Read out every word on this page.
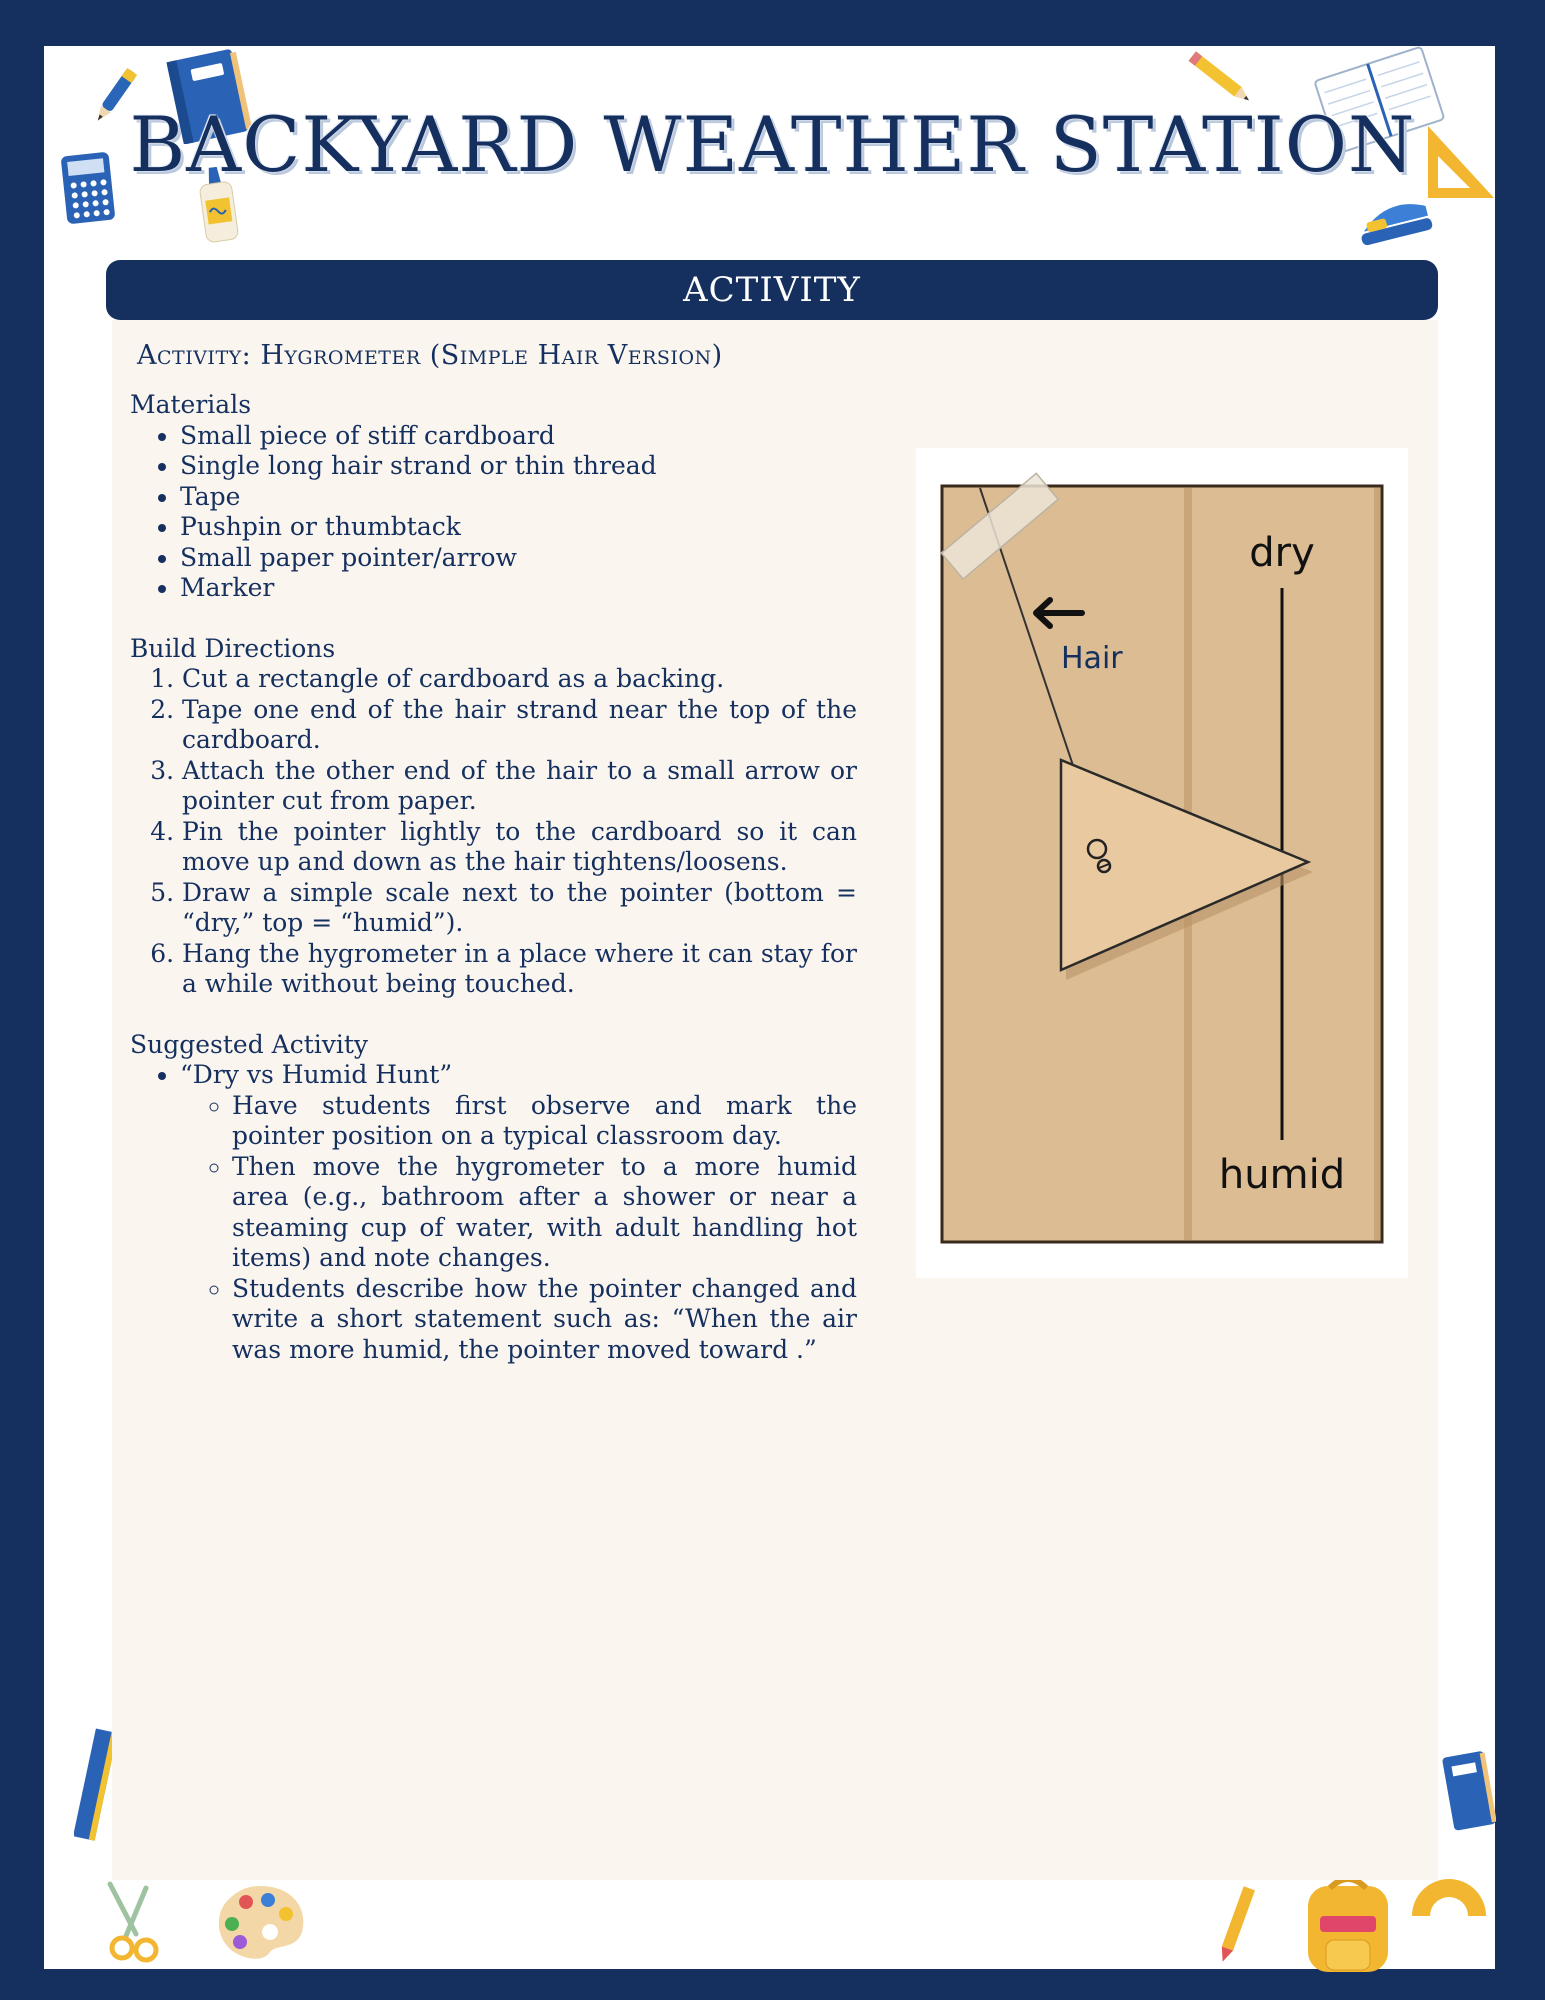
BACKYARD WEATHER STATION
ACTIVITY
Activity: Hygrometer (Simple Hair Version)
Materials
• Small piece of stiff cardboard
• Single long hair strand or thin thread
• Tape
• Pushpin or thumbtack
• Small paper pointer/arrow
• Marker
Build Directions
1. Cut a rectangle of cardboard as a backing.
2. Tape one end of the hair strand near the top of the cardboard.
3. Attach the other end of the hair to a small arrow or pointer cut from paper.
4. Pin the pointer lightly to the cardboard so it can move up and down as the hair tightens/loosens.
5. Draw a simple scale next to the pointer (bottom = “dry,” top = “humid”).
6. Hang the hygrometer in a place where it can stay for a while without being touched.
Suggested Activity
• “Dry vs Humid Hunt”
◦ Have students first observe and mark the pointer position on a typical classroom day.
◦ Then move the hygrometer to a more humid area (e.g., bathroom after a shower or near a steaming cup of water, with adult handling hot items) and note changes.
◦ Students describe how the pointer changed and write a short statement such as: “When the air was more humid, the pointer moved toward .”
Hair
dry
humid
